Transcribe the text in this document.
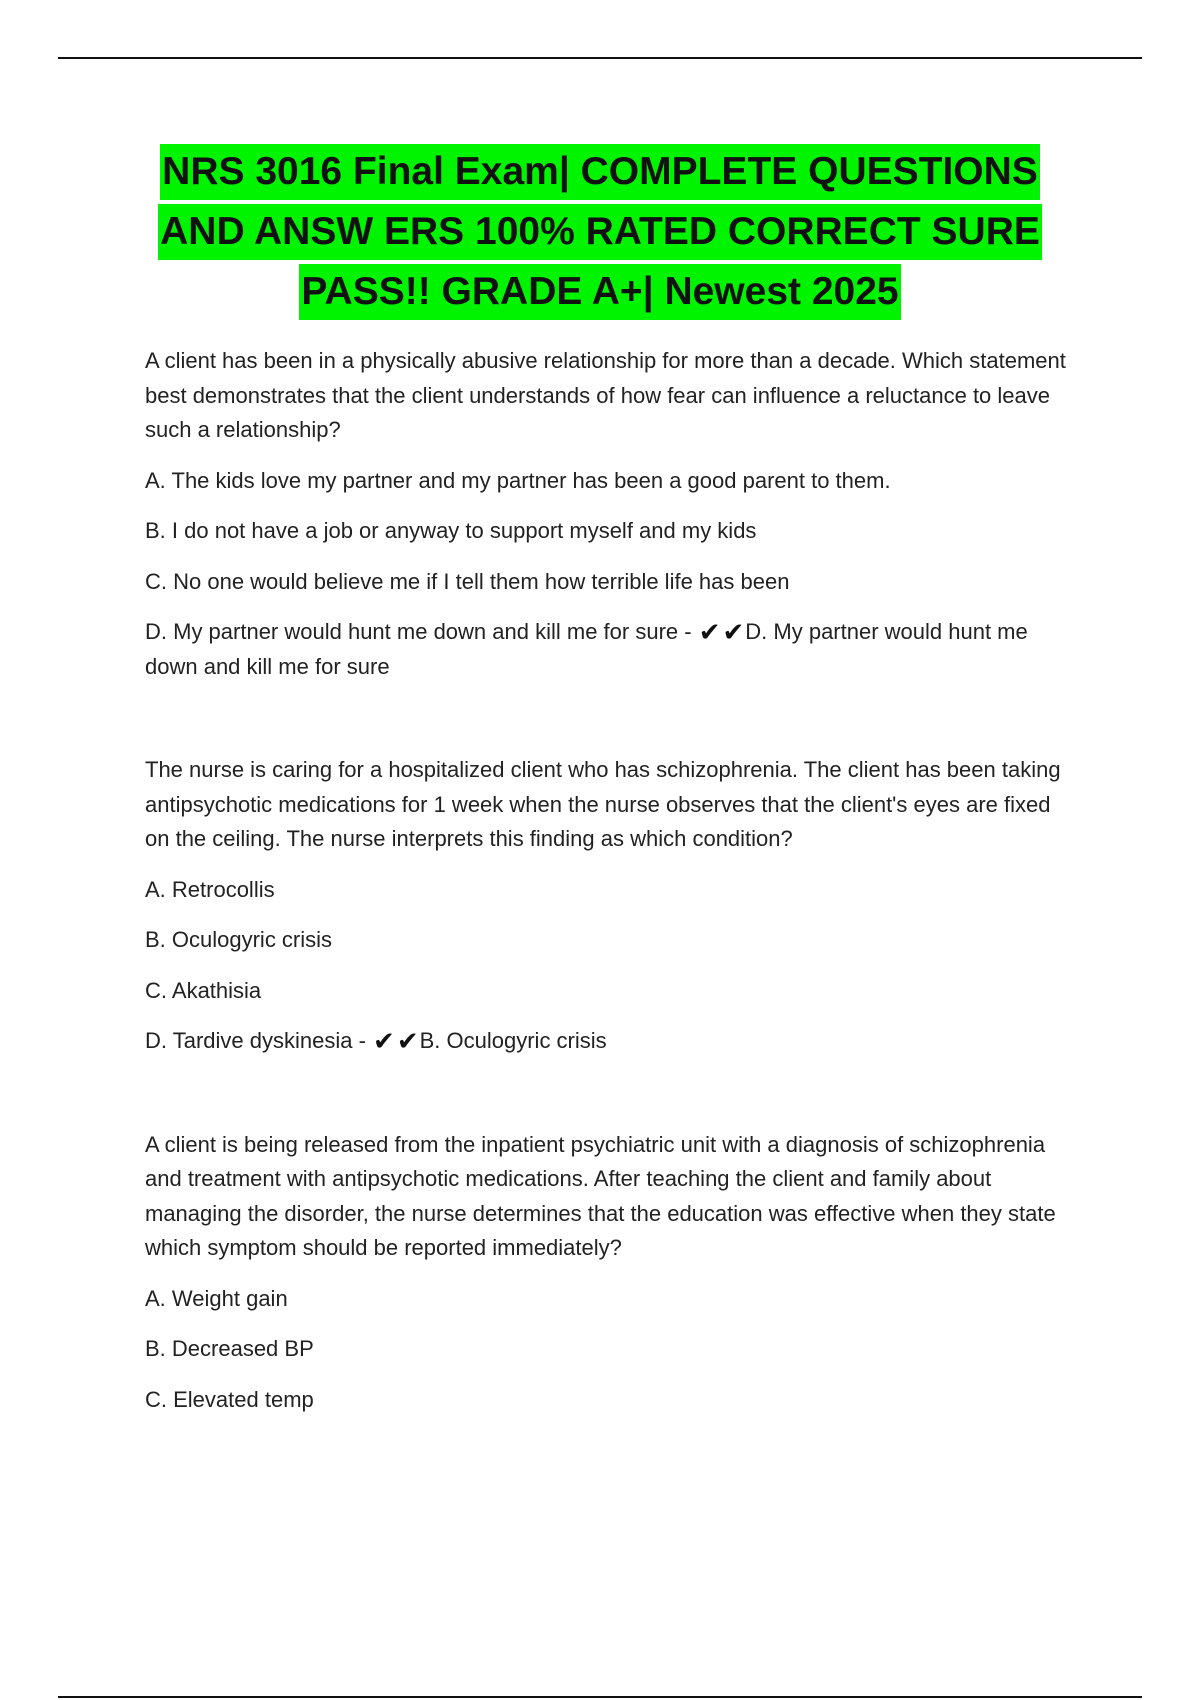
NRS 3016 Final Exam| COMPLETE QUESTIONS
AND ANSW ERS 100% RATED CORRECT SURE
PASS!! GRADE A+| Newest 2025

A client has been in a physically abusive relationship for more than a decade. Which statement best demonstrates that the client understands of how fear can influence a reluctance to leave such a relationship?

A. The kids love my partner and my partner has been a good parent to them.

B. I do not have a job or anyway to support myself and my kids

C. No one would believe me if I tell them how terrible life has been

D. My partner would hunt me down and kill me for sure - ✔✔D. My partner would hunt me down and kill me for sure

The nurse is caring for a hospitalized client who has schizophrenia. The client has been taking antipsychotic medications for 1 week when the nurse observes that the client's eyes are fixed on the ceiling. The nurse interprets this finding as which condition?

A. Retrocollis

B. Oculogyric crisis

C. Akathisia

D. Tardive dyskinesia - ✔✔B. Oculogyric crisis

A client is being released from the inpatient psychiatric unit with a diagnosis of schizophrenia and treatment with antipsychotic medications. After teaching the client and family about managing the disorder, the nurse determines that the education was effective when they state which symptom should be reported immediately?

A. Weight gain

B. Decreased BP

C. Elevated temp
